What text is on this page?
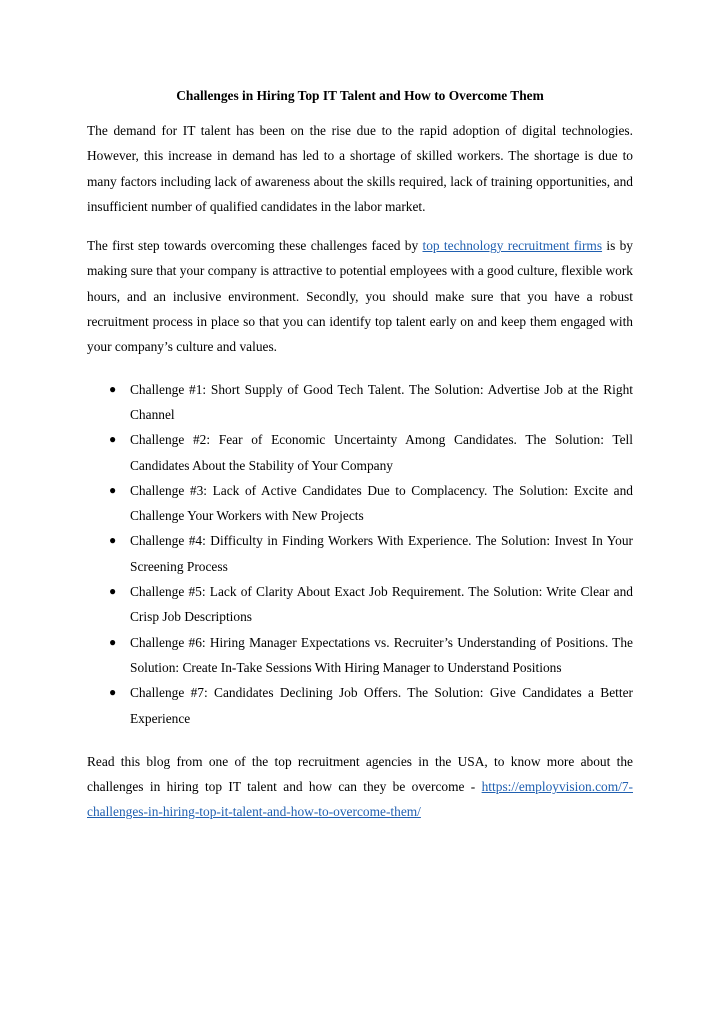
Challenges in Hiring Top IT Talent and How to Overcome Them

The demand for IT talent has been on the rise due to the rapid adoption of digital technologies. However, this increase in demand has led to a shortage of skilled workers. The shortage is due to many factors including lack of awareness about the skills required, lack of training opportunities, and insufficient number of qualified candidates in the labor market.

The first step towards overcoming these challenges faced by top technology recruitment firms is by making sure that your company is attractive to potential employees with a good culture, flexible work hours, and an inclusive environment. Secondly, you should make sure that you have a robust recruitment process in place so that you can identify top talent early on and keep them engaged with your company’s culture and values.

● Challenge #1: Short Supply of Good Tech Talent. The Solution: Advertise Job at the Right Channel
● Challenge #2: Fear of Economic Uncertainty Among Candidates. The Solution: Tell Candidates About the Stability of Your Company
● Challenge #3: Lack of Active Candidates Due to Complacency. The Solution: Excite and Challenge Your Workers with New Projects
● Challenge #4: Difficulty in Finding Workers With Experience. The Solution: Invest In Your Screening Process
● Challenge #5: Lack of Clarity About Exact Job Requirement. The Solution: Write Clear and Crisp Job Descriptions
● Challenge #6: Hiring Manager Expectations vs. Recruiter’s Understanding of Positions. The Solution: Create In-Take Sessions With Hiring Manager to Understand Positions
● Challenge #7: Candidates Declining Job Offers. The Solution: Give Candidates a Better Experience

Read this blog from one of the top recruitment agencies in the USA, to know more about the challenges in hiring top IT talent and how can they be overcome - https://employvision.com/7-challenges-in-hiring-top-it-talent-and-how-to-overcome-them/
